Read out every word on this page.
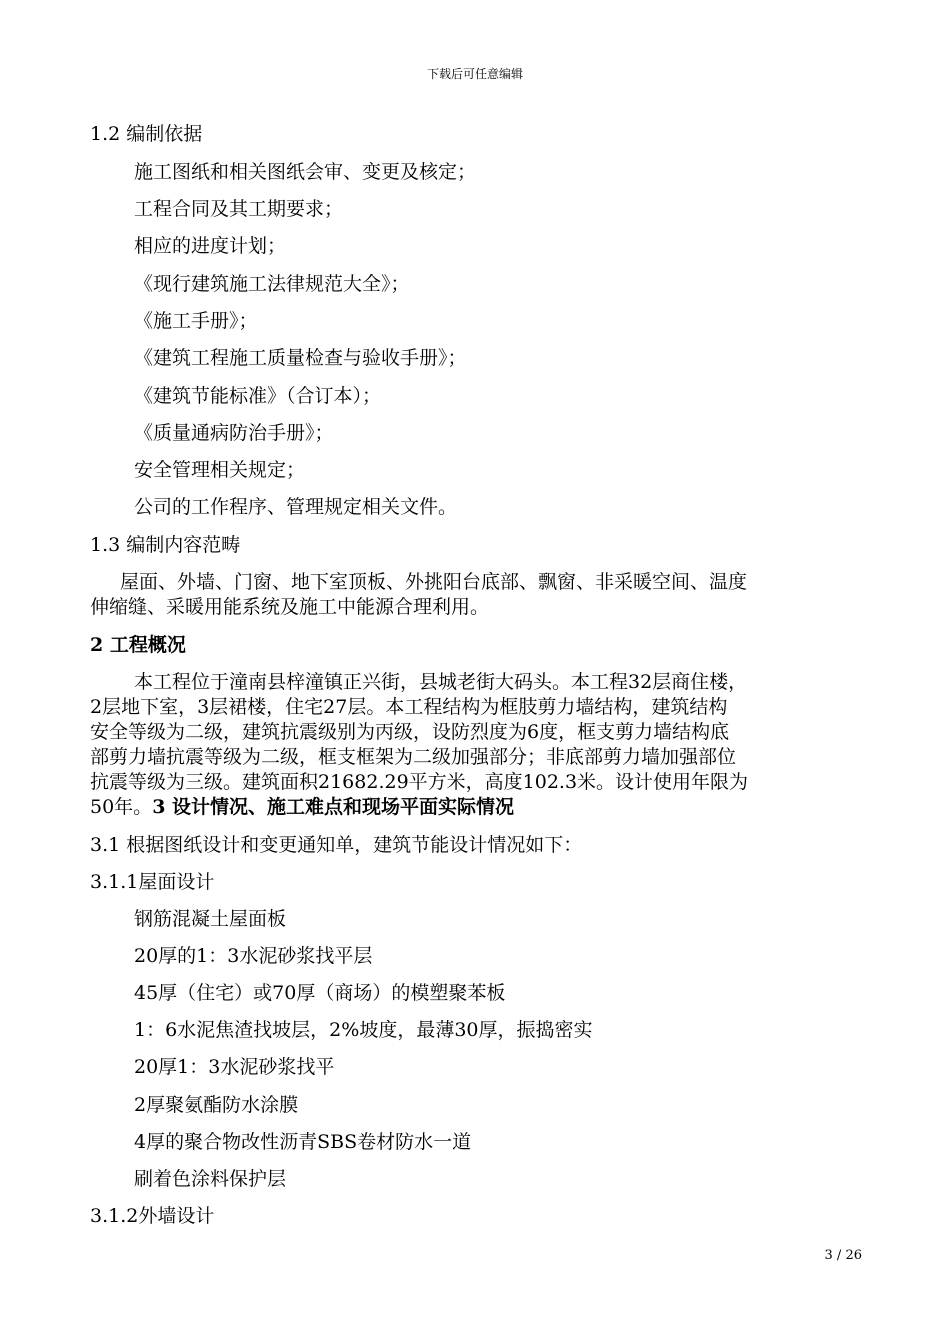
下载后可任意编辑
1.2 编制依据
施工图纸和相关图纸会审、变更及核定；
工程合同及其工期要求；
相应的进度计划；
《现行建筑施工法律规范大全》；
《施工手册》；
《建筑工程施工质量检查与验收手册》；
《建筑节能标准》（合订本）；
《质量通病防治手册》；
安全管理相关规定；
公司的工作程序、管理规定相关文件。
1.3 编制内容范畴
屋面、外墙、门窗、地下室顶板、外挑阳台底部、飘窗、非采暖空间、温度
伸缩缝、采暖用能系统及施工中能源合理利用。
2 工程概况
本工程位于潼南县梓潼镇正兴街，县城老街大码头。本工程32层商住楼，
2层地下室，3层裙楼，住宅27层。本工程结构为框肢剪力墙结构，建筑结构
安全等级为二级，建筑抗震级别为丙级，设防烈度为6度，框支剪力墙结构底
部剪力墙抗震等级为二级，框支框架为二级加强部分；非底部剪力墙加强部位
抗震等级为三级。建筑面积21682.29平方米，高度102.3米。设计使用年限为
50年。3 设计情况、施工难点和现场平面实际情况
3.1 根据图纸设计和变更通知单，建筑节能设计情况如下：
3.1.1屋面设计
钢筋混凝土屋面板
20厚的1：3水泥砂浆找平层
45厚（住宅）或70厚（商场）的模塑聚苯板
1：6水泥焦渣找坡层，2%坡度，最薄30厚，振捣密实
20厚1：3水泥砂浆找平
2厚聚氨酯防水涂膜
4厚的聚合物改性沥青SBS卷材防水一道
刷着色涂料保护层
3.1.2外墙设计
3 / 26
